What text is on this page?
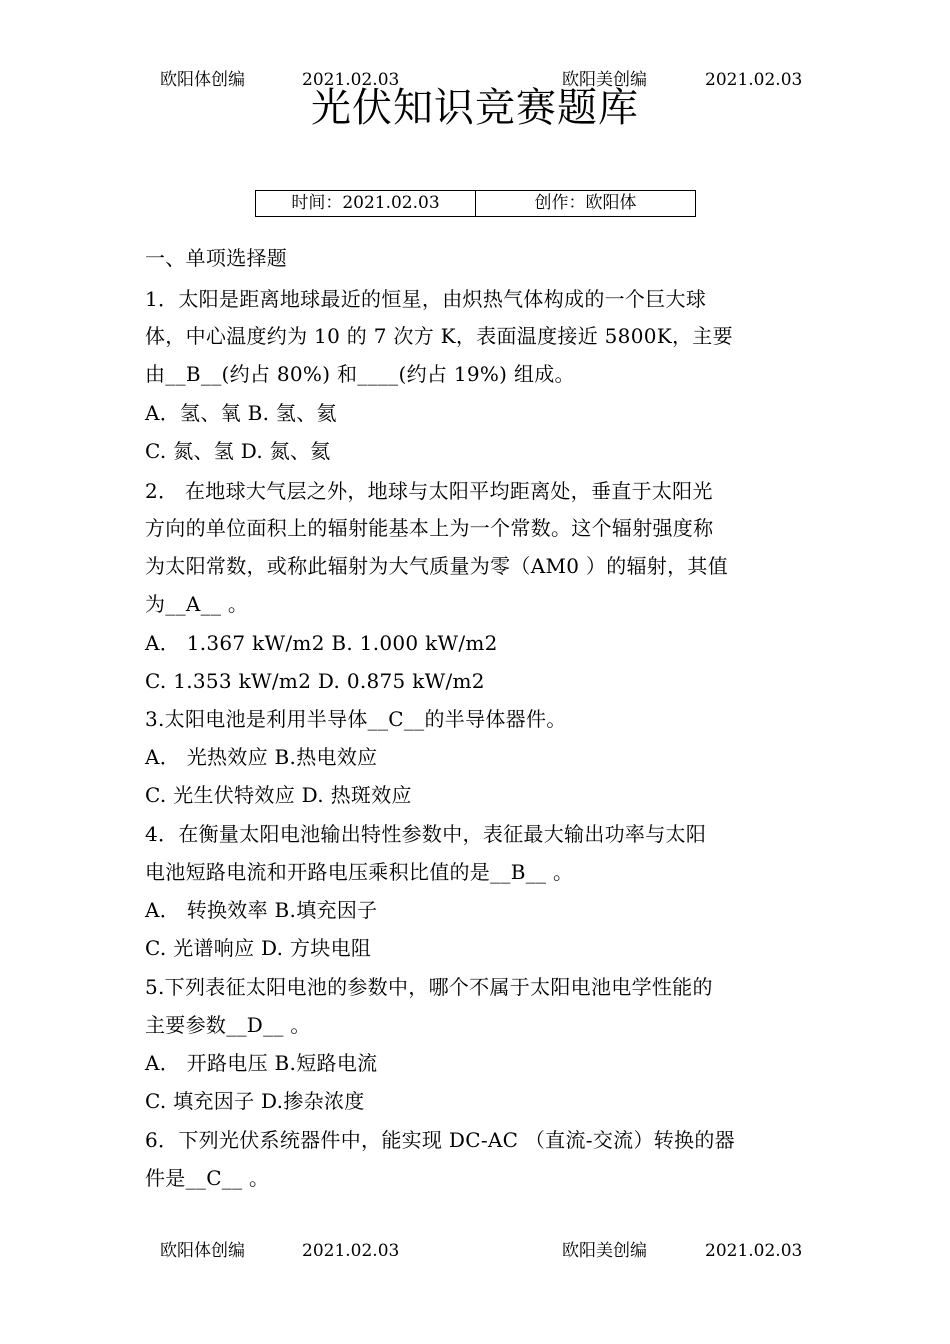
欧阳体创编	2021.02.03	欧阳美创编	2021.02.03
光伏知识竞赛题库
时间：2021.02.03	创作：欧阳体
一、单项选择题
1．太阳是距离地球最近的恒星，由炽热气体构成的一个巨大球
体，中心温度约为 10 的 7 次方 K，表面温度接近 5800K，主要
由__B__(约占 80%) 和____(约占 19%) 组成。
A．氢、氧 B. 氢、氦
C. 氮、氢 D. 氮、氦
2． 在地球大气层之外，地球与太阳平均距离处，垂直于太阳光
方向的单位面积上的辐射能基本上为一个常数。这个辐射强度称
为太阳常数，或称此辐射为大气质量为零（AM0 ）的辐射，其值
为__A__ 。
A． 1.367 kW/m2 B. 1.000 kW/m2
C. 1.353 kW/m2 D. 0.875 kW/m2
3.太阳电池是利用半导体__C__的半导体器件。
A． 光热效应 B.热电效应
C. 光生伏特效应 D. 热斑效应
4．在衡量太阳电池输出特性参数中，表征最大输出功率与太阳
电池短路电流和开路电压乘积比值的是__B__ 。
A． 转换效率 B.填充因子
C. 光谱响应 D. 方块电阻
5.下列表征太阳电池的参数中，哪个不属于太阳电池电学性能的
主要参数__D__ 。
A． 开路电压 B.短路电流
C. 填充因子 D.掺杂浓度
6．下列光伏系统器件中，能实现 DC-AC （直流-交流）转换的器
件是__C__ 。
欧阳体创编	2021.02.03	欧阳美创编	2021.02.03
